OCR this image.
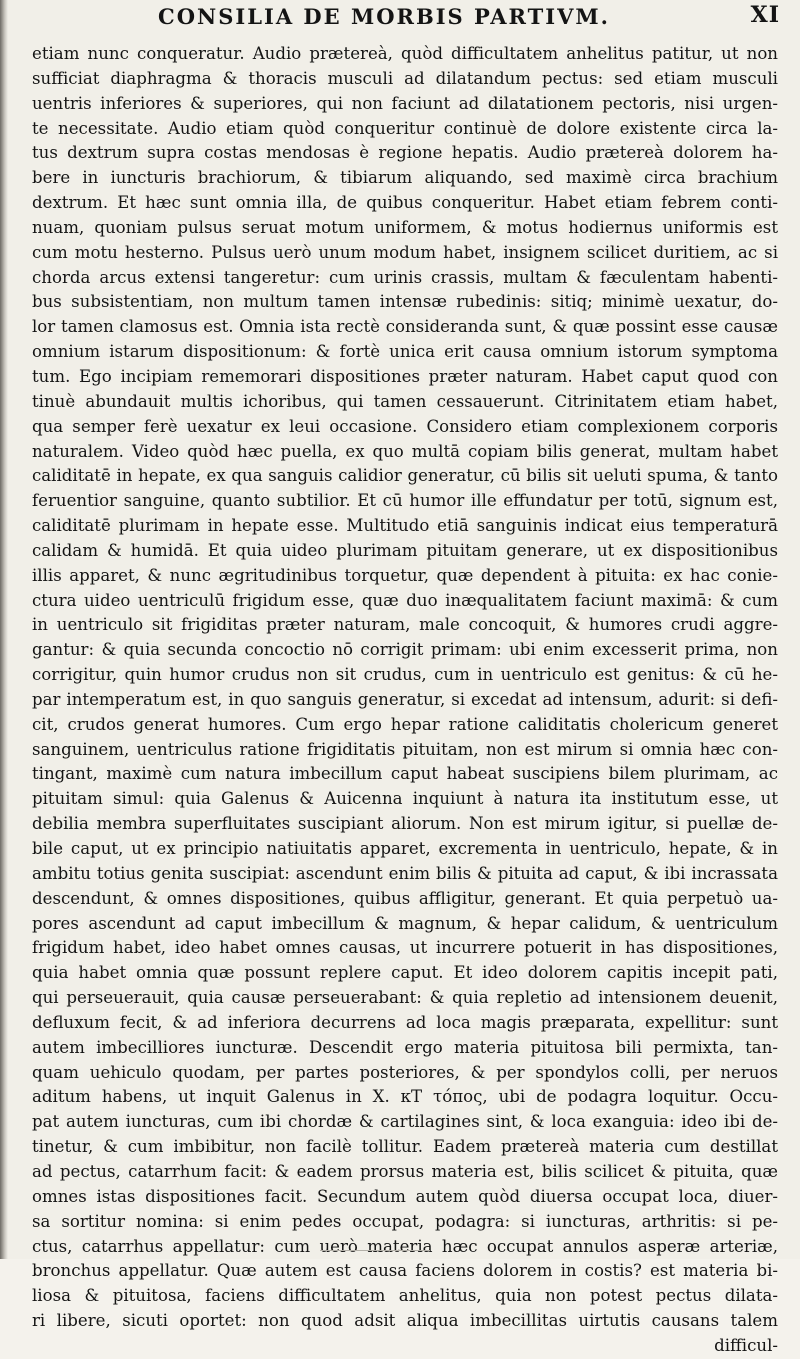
CONSILIA DE MORBIS PARTIVM.	XI
etiam nunc conqueratur. Audio prætereà, quòd difficultatem anhelitus patitur, ut non
sufficiat diaphragma & thoracis musculi ad dilatandum pectus: sed etiam musculi
uentris inferiores & superiores, qui non faciunt ad dilatationem pectoris, nisi urgen-
te necessitate. Audio etiam quòd conqueritur continuè de dolore existente circa la-
tus dextrum supra costas mendosas è regione hepatis. Audio prætereà dolorem ha-
bere in iuncturis brachiorum, & tibiarum aliquando, sed maximè circa brachium
dextrum. Et hæc sunt omnia illa, de quibus conqueritur. Habet etiam febrem conti-
nuam, quoniam pulsus seruat motum uniformem, & motus hodiernus uniformis est
cum motu hesterno. Pulsus uerò unum modum habet, insignem scilicet duritiem, ac si
chorda arcus extensi tangeretur: cum urinis crassis, multam & fæculentam habenti-
bus subsistentiam, non multum tamen intensæ rubedinis: sitiq; minimè uexatur, do-
lor tamen clamosus est. Omnia ista rectè consideranda sunt, & quæ possint esse causæ
omnium istarum dispositionum: & fortè unica erit causa omnium istorum symptoma
tum. Ego incipiam rememorari dispositiones præter naturam. Habet caput quod con
tinuè abundauit multis ichoribus, qui tamen cessauerunt. Citrinitatem etiam habet,
qua semper ferè uexatur ex leui occasione. Considero etiam complexionem corporis
naturalem. Video quòd hæc puella, ex quo multā copiam bilis generat, multam habet
caliditatē in hepate, ex qua sanguis calidior generatur, cū bilis sit ueluti spuma, & tanto
feruentior sanguine, quanto subtilior. Et cū humor ille effundatur per totū, signum est,
caliditatē plurimam in hepate esse. Multitudo etiā sanguinis indicat eius temperaturā
calidam & humidā. Et quia uideo plurimam pituitam generare, ut ex dispositionibus
illis apparet, & nunc ægritudinibus torquetur, quæ dependent à pituita: ex hac conie-
ctura uideo uentriculū frigidum esse, quæ duo inæqualitatem faciunt maximā: & cum
in uentriculo sit frigiditas præter naturam, male concoquit, & humores crudi aggre-
gantur: & quia secunda concoctio nō corrigit primam: ubi enim excesserit prima, non
corrigitur, quin humor crudus non sit crudus, cum in uentriculo est genitus: & cū he-
par intemperatum est, in quo sanguis generatur, si excedat ad intensum, adurit: si defi-
cit, crudos generat humores. Cum ergo hepar ratione caliditatis cholericum generet
sanguinem, uentriculus ratione frigiditatis pituitam, non est mirum si omnia hæc con-
tingant, maximè cum natura imbecillum caput habeat suscipiens bilem plurimam, ac
pituitam simul: quia Galenus & Auicenna inquiunt à natura ita institutum esse, ut
debilia membra superfluitates suscipiant aliorum. Non est mirum igitur, si puellæ de-
bile caput, ut ex principio natiuitatis apparet, excrementa in uentriculo, hepate, & in
ambitu totius genita suscipiat: ascendunt enim bilis & pituita ad caput, & ibi incrassata
descendunt, & omnes dispositiones, quibus affligitur, generant. Et quia perpetuò ua-
pores ascendunt ad caput imbecillum & magnum, & hepar calidum, & uentriculum
frigidum habet, ideo habet omnes causas, ut incurrere potuerit in has dispositiones,
quia habet omnia quæ possunt replere caput. Et ideo dolorem capitis incepit pati,
qui perseuerauit, quia causæ perseuerabant: & quia repletio ad intensionem deuenit,
defluxum fecit, & ad inferiora decurrens ad loca magis præparata, expellitur: sunt
autem imbecilliores iuncturæ. Descendit ergo materia pituitosa bili permixta, tan-
quam uehiculo quodam, per partes posteriores, & per spondylos colli, per neruos
aditum habens, ut inquit Galenus in X. κΤ τόπος, ubi de podagra loquitur. Occu-
pat autem iuncturas, cum ibi chordæ & cartilagines sint, & loca exanguia: ideo ibi de-
tinetur, & cum imbibitur, non facilè tollitur. Eadem prætereà materia cum destillat
ad pectus, catarrhum facit: & eadem prorsus materia est, bilis scilicet & pituita, quæ
omnes istas dispositiones facit. Secundum autem quòd diuersa occupat loca, diuer-
sa sortitur nomina: si enim pedes occupat, podagra: si iuncturas, arthritis: si pe-
ctus, catarrhus appellatur: cum uerò materia hæc occupat annulos asperæ arteriæ,
bronchus appellatur. Quæ autem est causa faciens dolorem in costis? est materia bi-
liosa & pituitosa, faciens difficultatem anhelitus, quia non potest pectus dilata-
ri libere, sicuti oportet: non quod adsit aliqua imbecillitas uirtutis causans talem
difficul-
